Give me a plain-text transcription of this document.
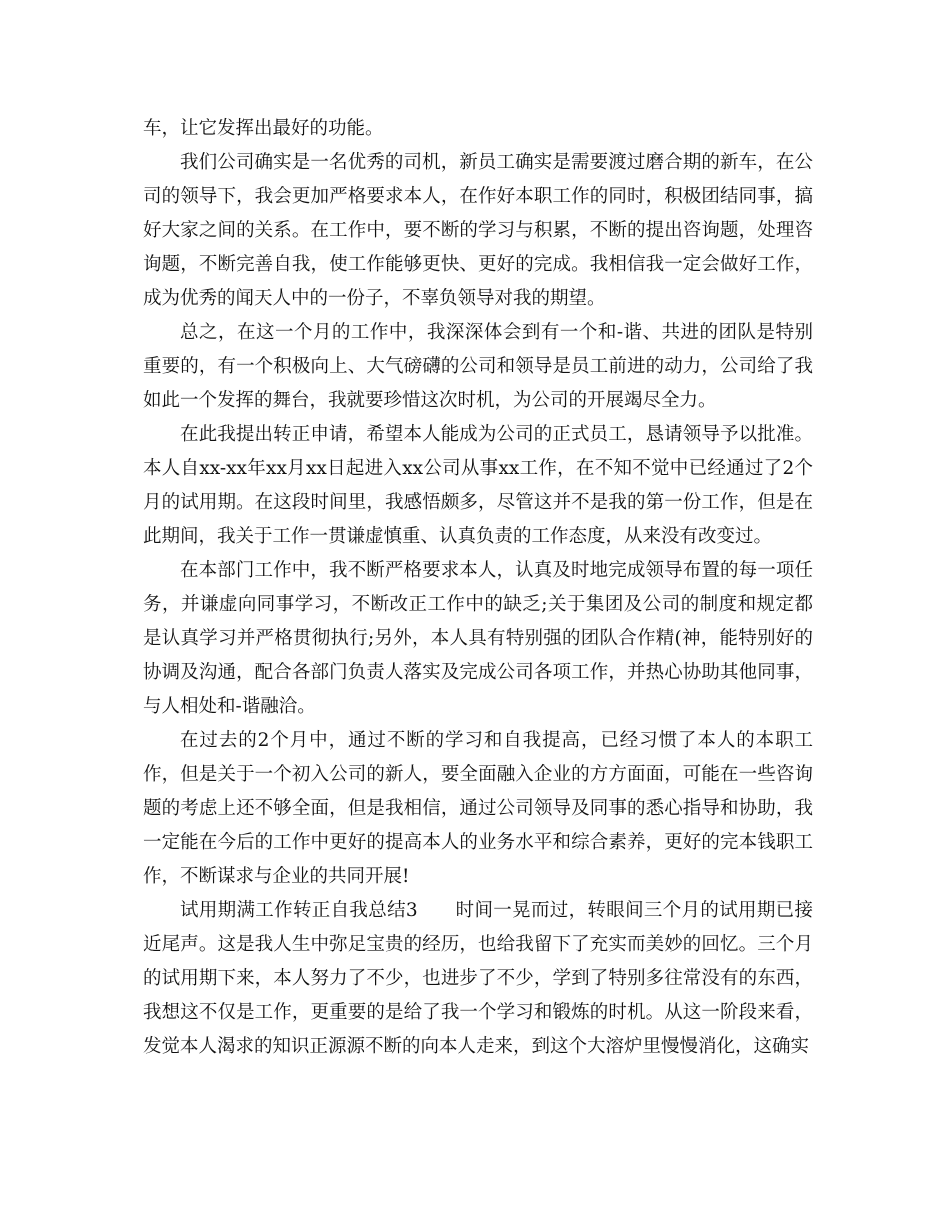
车，让它发挥出最好的功能。

我们公司确实是一名优秀的司机，新员工确实是需要渡过磨合期的新车，在公司的领导下，我会更加严格要求本人，在作好本职工作的同时，积极团结同事，搞好大家之间的关系。在工作中，要不断的学习与积累，不断的提出咨询题，处理咨询题，不断完善自我，使工作能够更快、更好的完成。我相信我一定会做好工作，成为优秀的闻天人中的一份子，不辜负领导对我的期望。

总之，在这一个月的工作中，我深深体会到有一个和-谐、共进的团队是特别重要的，有一个积极向上、大气磅礴的公司和领导是员工前进的动力，公司给了我如此一个发挥的舞台，我就要珍惜这次时机，为公司的开展竭尽全力。

在此我提出转正申请，希望本人能成为公司的正式员工，恳请领导予以批准。本人自xx-xx年xx月xx日起进入xx公司从事xx工作，在不知不觉中已经通过了2个月的试用期。在这段时间里，我感悟颇多，尽管这并不是我的第一份工作，但是在此期间，我关于工作一贯谦虚慎重、认真负责的工作态度，从来没有改变过。

在本部门工作中，我不断严格要求本人，认真及时地完成领导布置的每一项任务，并谦虚向同事学习，不断改正工作中的缺乏;关于集团及公司的制度和规定都是认真学习并严格贯彻执行;另外，本人具有特别强的团队合作精(神，能特别好的协调及沟通，配合各部门负责人落实及完成公司各项工作，并热心协助其他同事，与人相处和-谐融洽。

在过去的2个月中，通过不断的学习和自我提高，已经习惯了本人的本职工作，但是关于一个初入公司的新人，要全面融入企业的方方面面，可能在一些咨询题的考虑上还不够全面，但是我相信，通过公司领导及同事的悉心指导和协助，我一定能在今后的工作中更好的提高本人的业务水平和综合素养，更好的完本钱职工作，不断谋求与企业的共同开展!

试用期满工作转正自我总结3　　时间一晃而过，转眼间三个月的试用期已接近尾声。这是我人生中弥足宝贵的经历，也给我留下了充实而美妙的回忆。三个月的试用期下来，本人努力了不少，也进步了不少，学到了特别多往常没有的东西，我想这不仅是工作，更重要的是给了我一个学习和锻炼的时机。从这一阶段来看，发觉本人渴求的知识正源源不断的向本人走来，到这个大溶炉里慢慢消化，这确实
